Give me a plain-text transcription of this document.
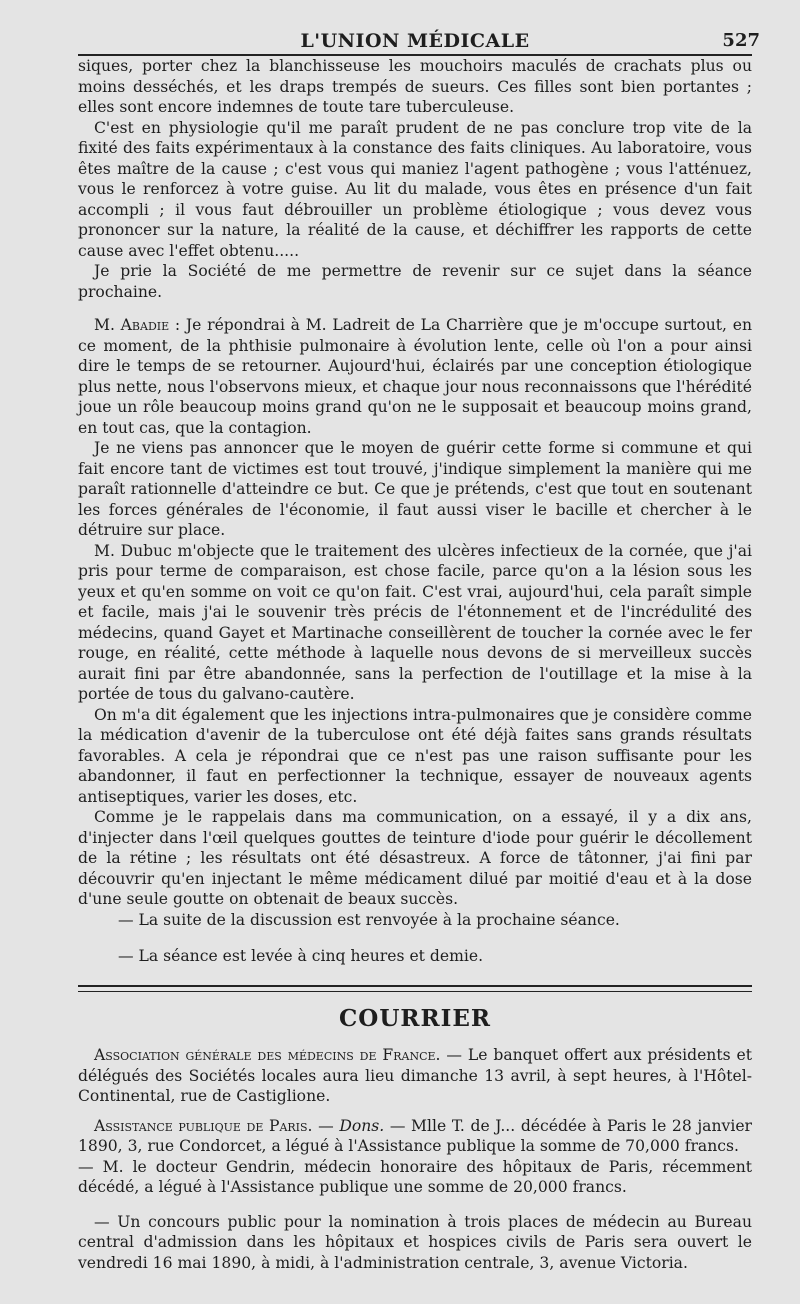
L'UNION MÉDICALE	527

siques, porter chez la blanchisseuse les mouchoirs maculés de crachats plus ou moins desséchés, et les draps trempés de sueurs. Ces filles sont bien portantes ; elles sont encore indemnes de toute tare tuberculeuse.

C'est en physiologie qu'il me paraît prudent de ne pas conclure trop vite de la fixité des faits expérimentaux à la constance des faits cliniques. Au laboratoire, vous êtes maître de la cause ; c'est vous qui maniez l'agent pathogène ; vous l'atténuez, vous le renforcez à votre guise. Au lit du malade, vous êtes en présence d'un fait accompli ; il vous faut débrouiller un problème étiologique ; vous devez vous prononcer sur la nature, la réalité de la cause, et déchiffrer les rapports de cette cause avec l'effet obtenu.....

Je prie la Société de me permettre de revenir sur ce sujet dans la séance prochaine.

M. Abadie : Je répondrai à M. Ladreit de La Charrière que je m'occupe surtout, en ce moment, de la phthisie pulmonaire à évolution lente, celle où l'on a pour ainsi dire le temps de se retourner. Aujourd'hui, éclairés par une conception étiologique plus nette, nous l'observons mieux, et chaque jour nous reconnaissons que l'hérédité joue un rôle beaucoup moins grand qu'on ne le supposait et beaucoup moins grand, en tout cas, que la contagion.

Je ne viens pas annoncer que le moyen de guérir cette forme si commune et qui fait encore tant de victimes est tout trouvé, j'indique simplement la manière qui me paraît rationnelle d'atteindre ce but. Ce que je prétends, c'est que tout en soutenant les forces générales de l'économie, il faut aussi viser le bacille et chercher à le détruire sur place.

M. Dubuc m'objecte que le traitement des ulcères infectieux de la cornée, que j'ai pris pour terme de comparaison, est chose facile, parce qu'on a la lésion sous les yeux et qu'en somme on voit ce qu'on fait. C'est vrai, aujourd'hui, cela paraît simple et facile, mais j'ai le souvenir très précis de l'étonnement et de l'incrédulité des médecins, quand Gayet et Martinache conseillèrent de toucher la cornée avec le fer rouge, en réalité, cette méthode à laquelle nous devons de si merveilleux succès aurait fini par être abandonnée, sans la perfection de l'outillage et la mise à la portée de tous du galvano-cautère.

On m'a dit également que les injections intra-pulmonaires que je considère comme la médication d'avenir de la tuberculose ont été déjà faites sans grands résultats favorables. A cela je répondrai que ce n'est pas une raison suffisante pour les abandonner, il faut en perfectionner la technique, essayer de nouveaux agents antiseptiques, varier les doses, etc.

Comme je le rappelais dans ma communication, on a essayé, il y a dix ans, d'injecter dans l'œil quelques gouttes de teinture d'iode pour guérir le décollement de la rétine ; les résultats ont été désastreux. A force de tâtonner, j'ai fini par découvrir qu'en injectant le même médicament dilué par moitié d'eau et à la dose d'une seule goutte on obtenait de beaux succès.

— La suite de la discussion est renvoyée à la prochaine séance.

— La séance est levée à cinq heures et demie.

COURRIER

Association générale des médecins de France. — Le banquet offert aux présidents et délégués des Sociétés locales aura lieu dimanche 13 avril, à sept heures, à l'Hôtel-Continental, rue de Castiglione.

Assistance publique de Paris. — Dons. — Mlle T. de J... décédée à Paris le 28 janvier 1890, 3, rue Condorcet, a légué à l'Assistance publique la somme de 70,000 francs.

— M. le docteur Gendrin, médecin honoraire des hôpitaux de Paris, récemment décédé, a légué à l'Assistance publique une somme de 20,000 francs.

— Un concours public pour la nomination à trois places de médecin au Bureau central d'admission dans les hôpitaux et hospices civils de Paris sera ouvert le vendredi 16 mai 1890, à midi, à l'administration centrale, 3, avenue Victoria.
